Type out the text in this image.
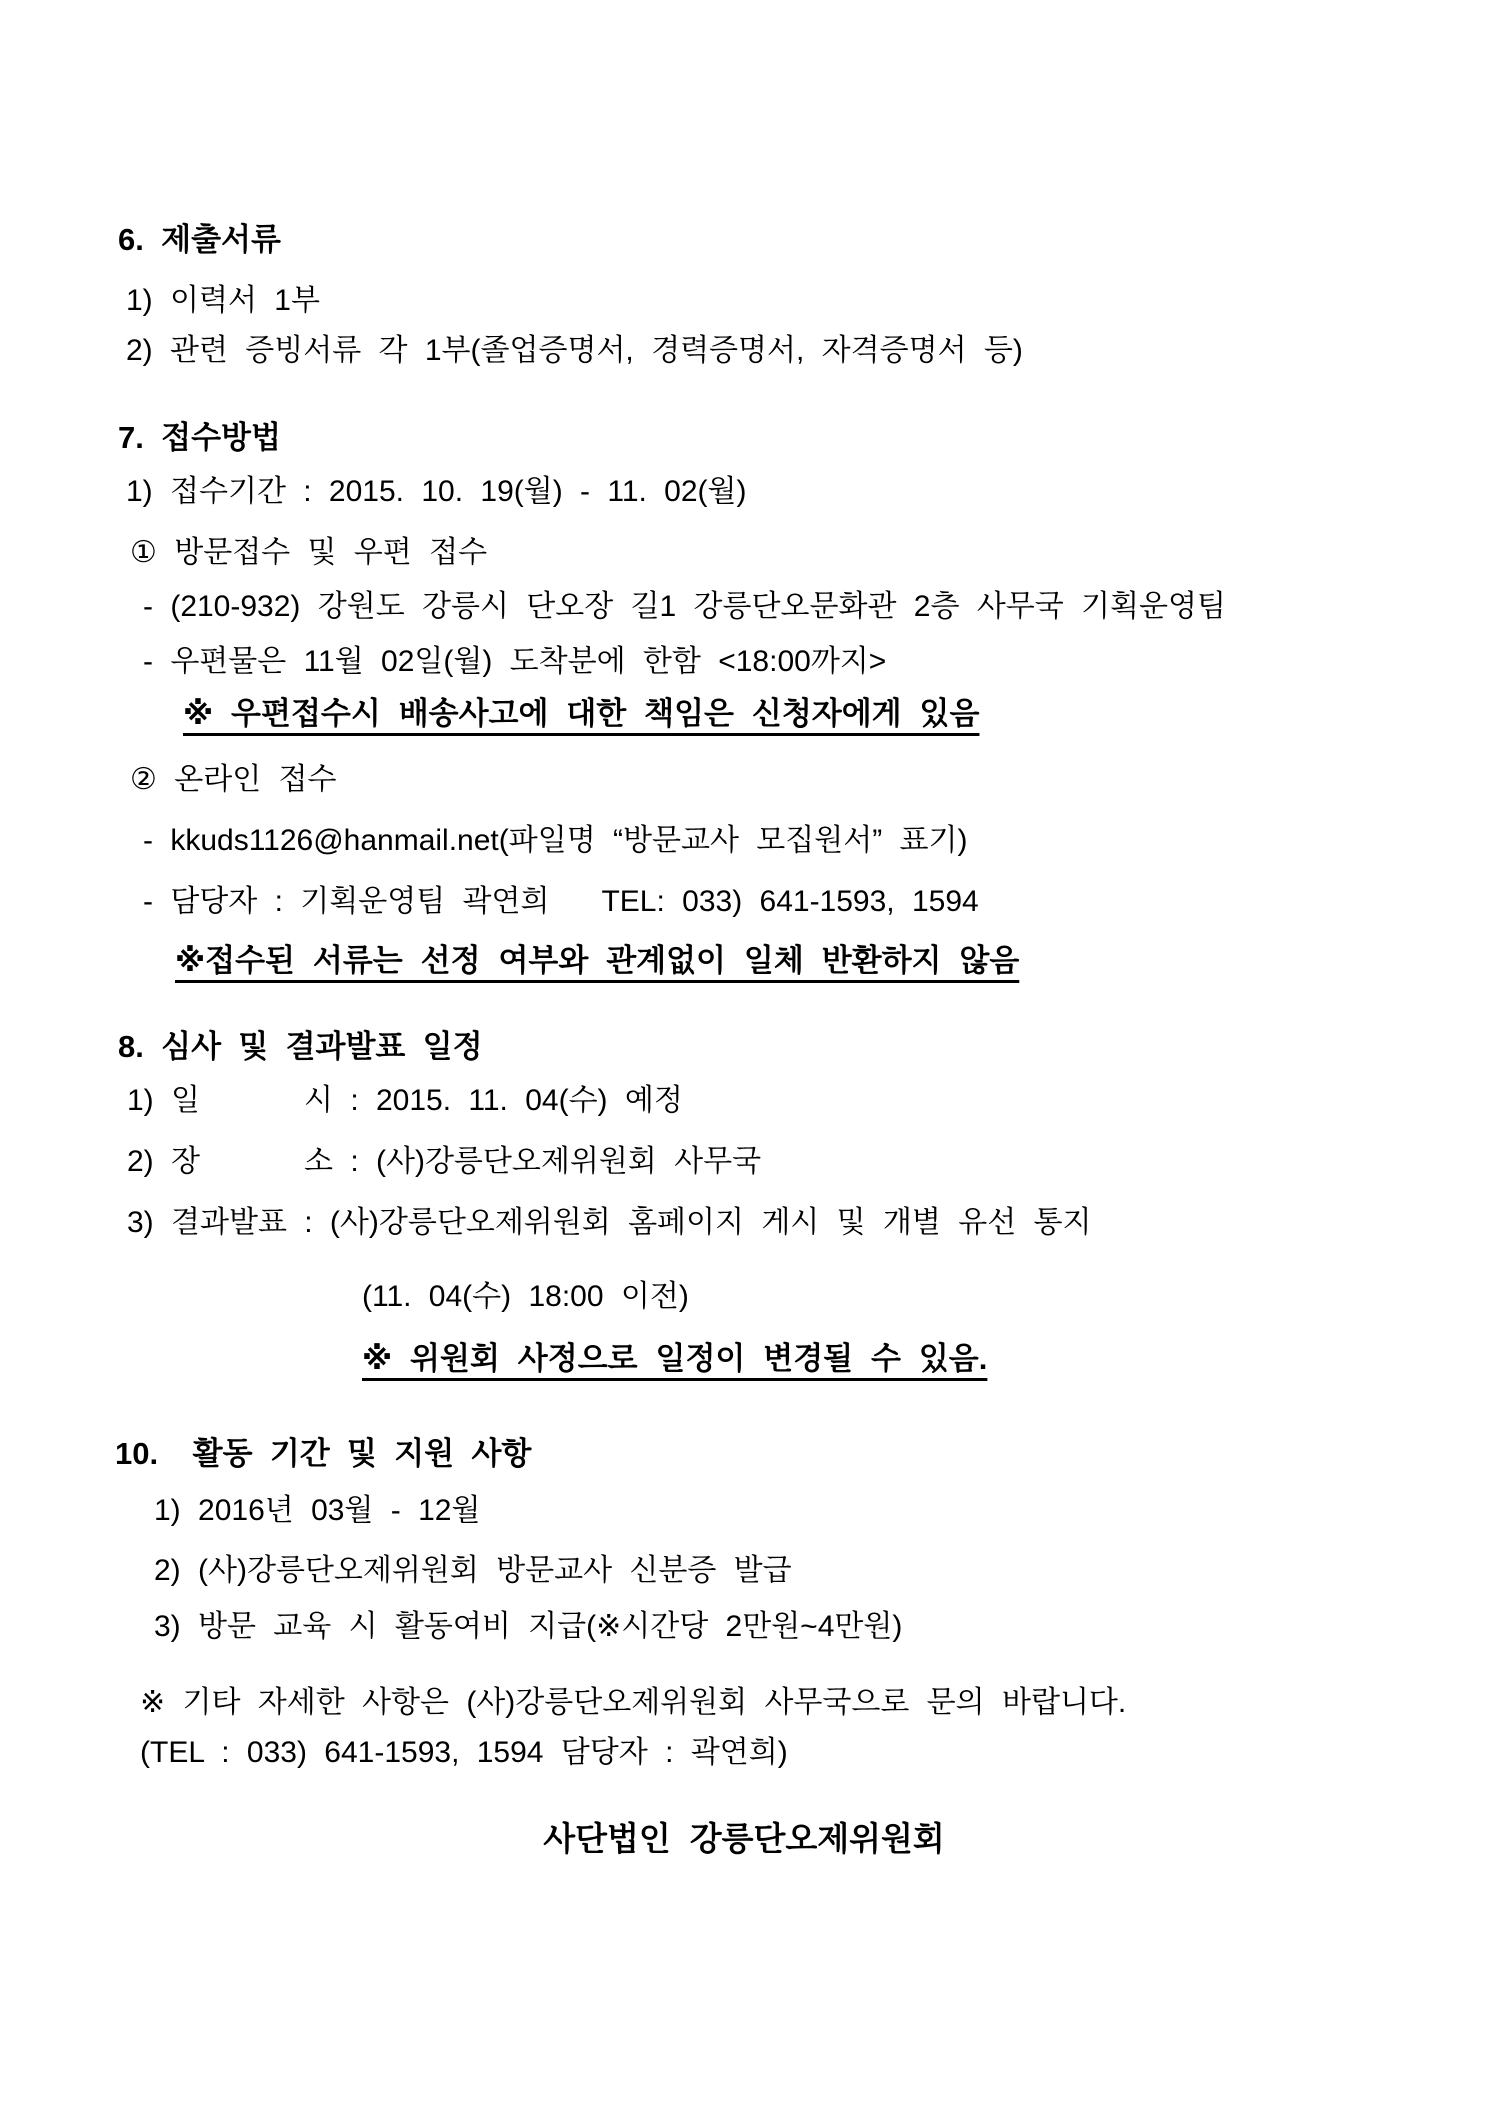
6. 제출서류
1) 이력서 1부
2) 관련 증빙서류 각 1부(졸업증명서, 경력증명서, 자격증명서 등)
7. 접수방법
1) 접수기간 : 2015. 10. 19(월) - 11. 02(월)
① 방문접수 및 우편 접수
- (210-932) 강원도 강릉시 단오장 길1 강릉단오문화관 2층 사무국 기획운영팀
- 우편물은 11월 02일(월) 도착분에 한함 <18:00까지>
※ 우편접수시 배송사고에 대한 책임은 신청자에게 있음
② 온라인 접수
- kkuds1126@hanmail.net(파일명 “방문교사 모집원서” 표기)
- 담당자 : 기획운영팀 곽연희   TEL: 033) 641-1593, 1594
※접수된 서류는 선정 여부와 관계없이 일체 반환하지 않음
8. 심사 및 결과발표 일정
1) 일      시 : 2015. 11. 04(수) 예정
2) 장      소 : (사)강릉단오제위원회 사무국
3) 결과발표 : (사)강릉단오제위원회 홈페이지 게시 및 개별 유선 통지
(11. 04(수) 18:00 이전)
※ 위원회 사정으로 일정이 변경될 수 있음.
10.  활동 기간 및 지원 사항
1) 2016년 03월 - 12월
2) (사)강릉단오제위원회 방문교사 신분증 발급
3) 방문 교육 시 활동여비 지급(※시간당 2만원~4만원)
※ 기타 자세한 사항은 (사)강릉단오제위원회 사무국으로 문의 바랍니다.
(TEL : 033) 641-1593, 1594 담당자 : 곽연희)
사단법인 강릉단오제위원회
